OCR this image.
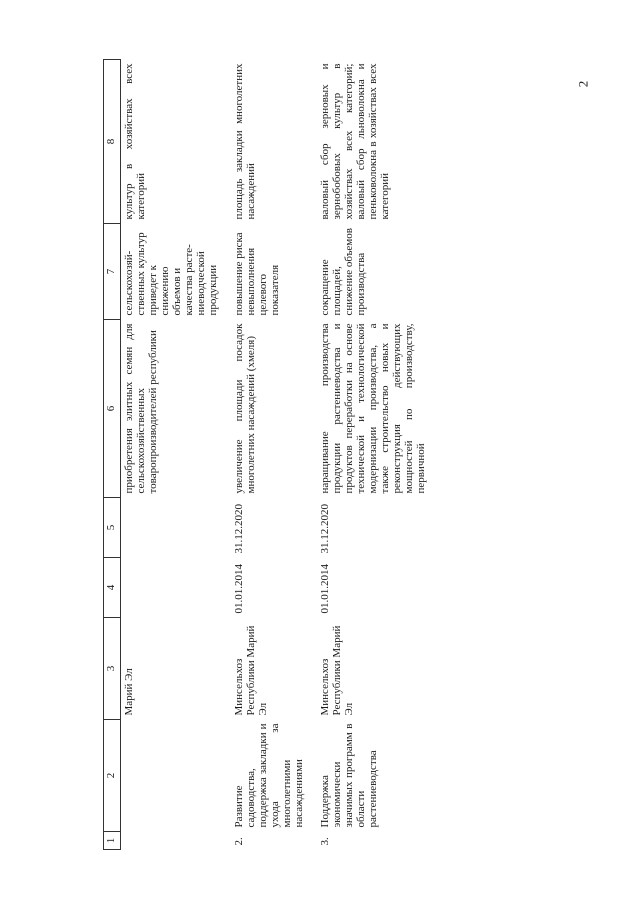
2
1	2	3	4	5	6	7	8
		Марий Эл			приобретения элитных семян для сельскохозяйственных товаропроизводителей республики	сельскохозяй- ственных культур приведет к снижению объемов и качества расте- ниеводческой продукции	культур в хозяйствах всех категорий

2.	Развитие садоводства, поддержка закладки и ухода за многолетними насаждениями	Минсельхоз Республики Марий Эл	01.01.2014	31.12.2020	увеличение площади посадок многолетних насаждений (хмеля)	повышение риска невыполнения целевого показателя	площадь закладки многолетних насаждений

3.	Поддержка экономически значимых программ в области растениеводства	Минсельхоз Республики Марий Эл	01.01.2014	31.12.2020	наращивание производства продукции растениеводства и продуктов переработки на основе технической и технологической модернизации производства, а также строительство новых и реконструкция действующих мощностей по производству, первичной	сокращение площадей, снижение объемов производства	валовый сбор зерновых и зернобобовых культур в хозяйствах всех категорий; валовый сбор льноволокна и пеньковолокна в хозяйствах всех категорий
